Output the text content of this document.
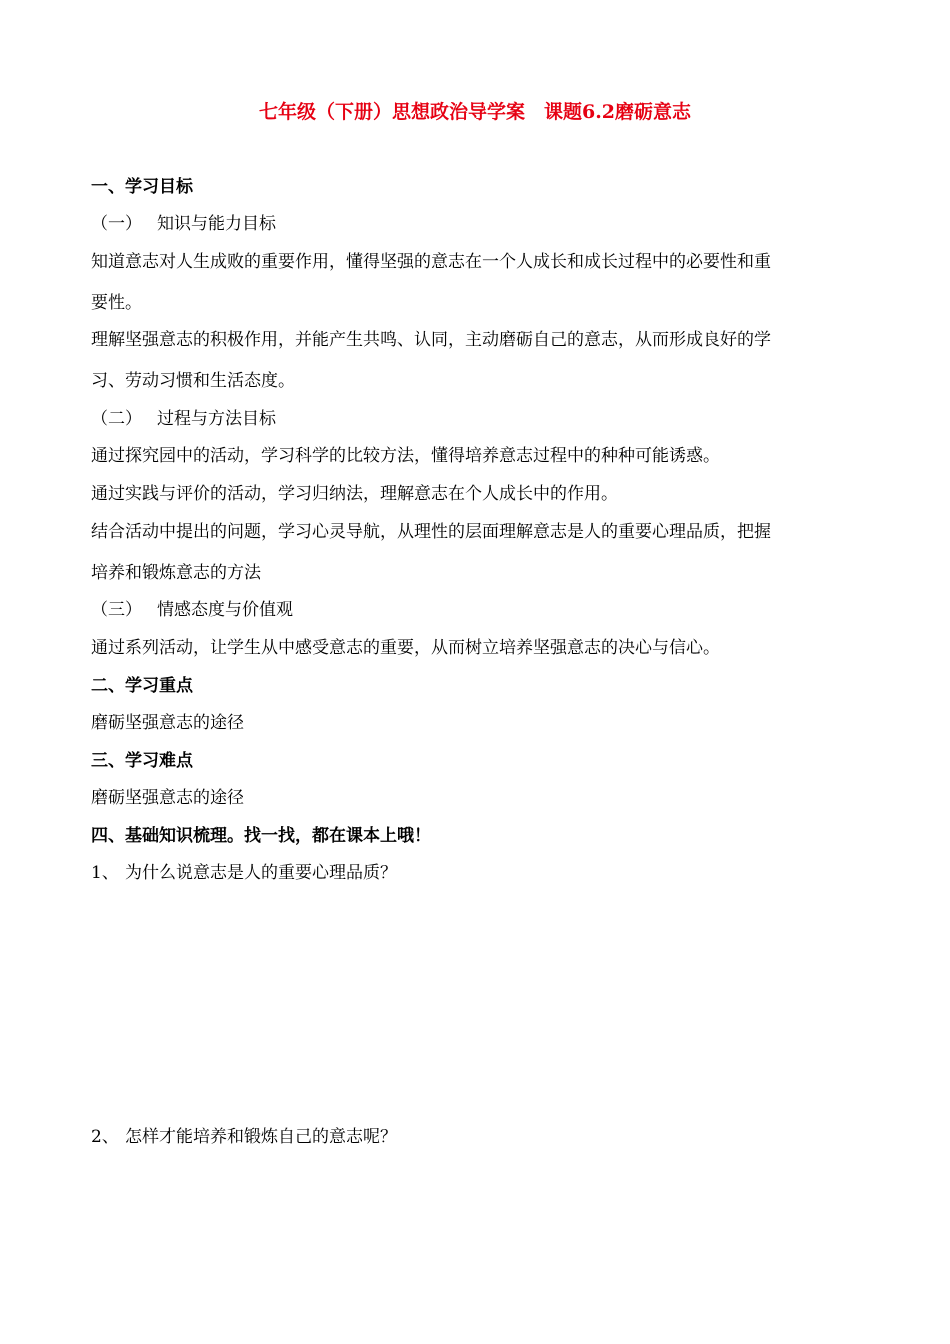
七年级（下册）思想政治导学案　课题6.2磨砺意志
一、学习目标
（一） 知识与能力目标
知道意志对人生成败的重要作用，懂得坚强的意志在一个人成长和成长过程中的必要性和重
要性。
理解坚强意志的积极作用，并能产生共鸣、认同，主动磨砺自己的意志，从而形成良好的学
习、劳动习惯和生活态度。
（二） 过程与方法目标
通过探究园中的活动，学习科学的比较方法，懂得培养意志过程中的种种可能诱惑。
通过实践与评价的活动，学习归纳法，理解意志在个人成长中的作用。
结合活动中提出的问题，学习心灵导航，从理性的层面理解意志是人的重要心理品质，把握
培养和锻炼意志的方法
（三） 情感态度与价值观
通过系列活动，让学生从中感受意志的重要，从而树立培养坚强意志的决心与信心。
二、学习重点
磨砺坚强意志的途径
三、学习难点
磨砺坚强意志的途径
四、基础知识梳理。找一找，都在课本上哦！
1、 为什么说意志是人的重要心理品质？
2、 怎样才能培养和锻炼自己的意志呢？
